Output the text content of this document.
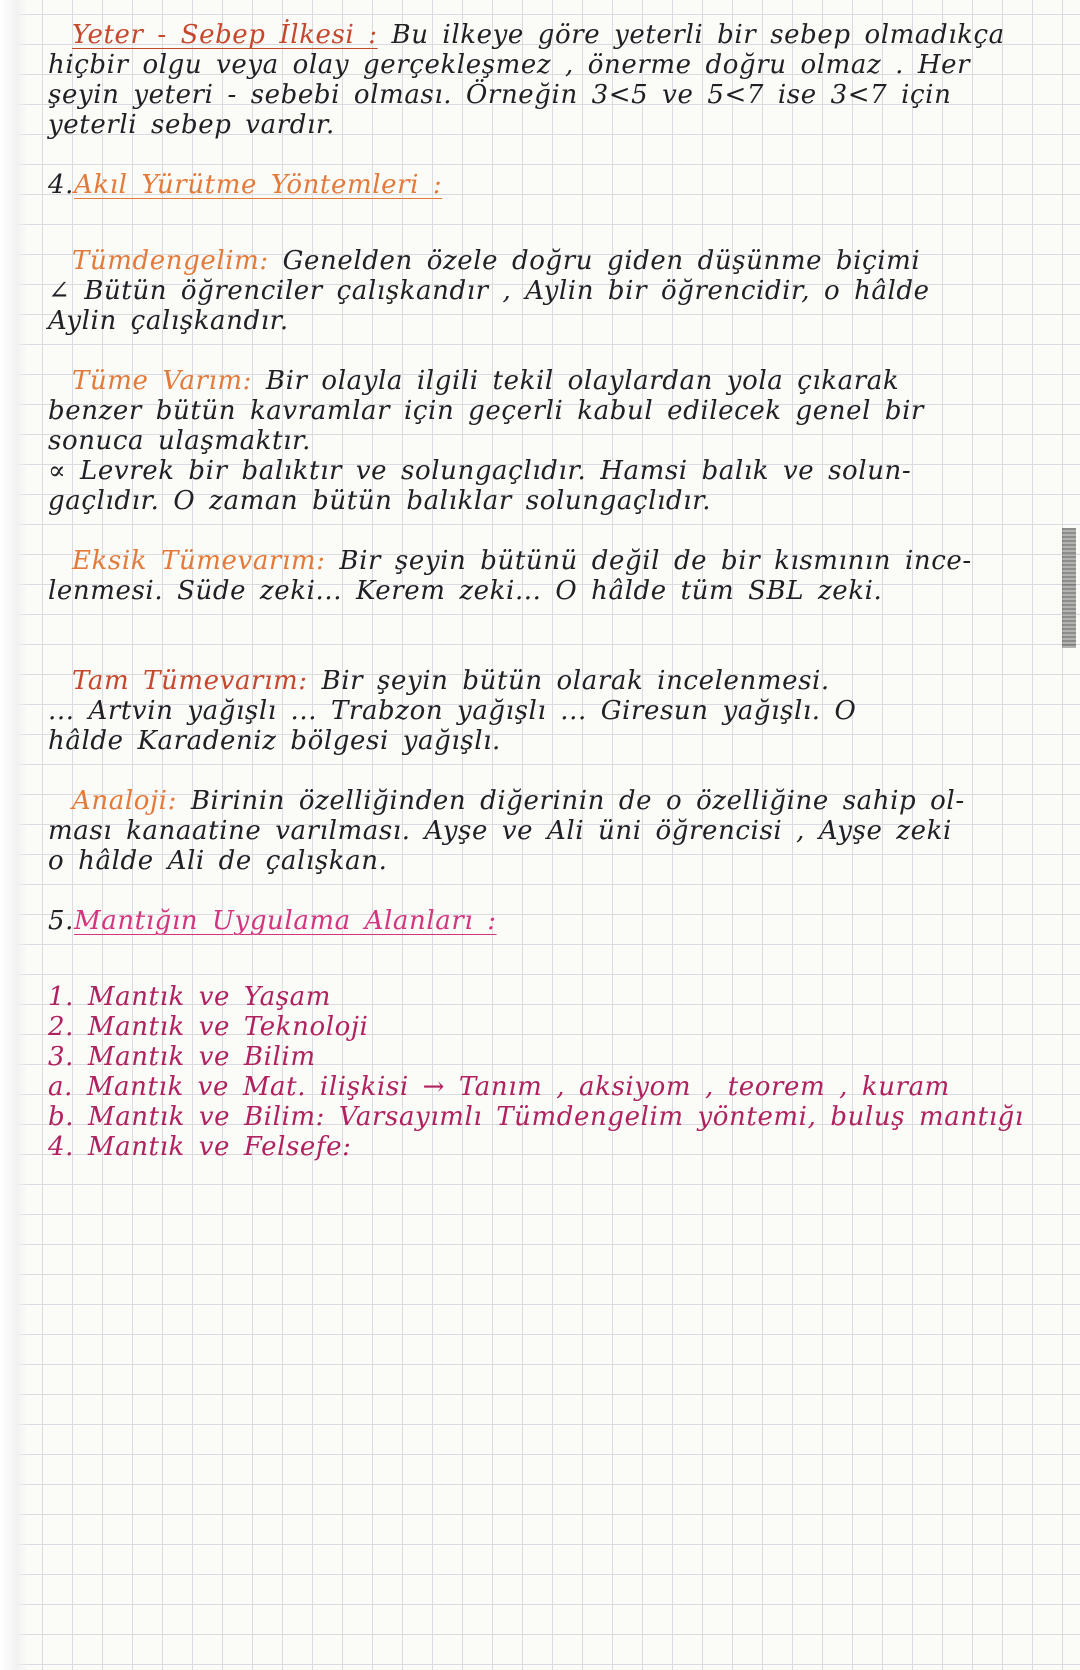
Yeter - Sebep İlkesi : Bu ilkeye göre yeterli bir sebep olmadıkça

hiçbir olgu veya olay gerçekleşmez , önerme doğru olmaz . Her

şeyin yeteri - sebebi olması. Örneğin 3<5 ve 5<7 ise 3<7 için

yeterli sebep vardır.

4.Akıl Yürütme Yöntemleri :

Tümdengelim: Genelden özele doğru giden düşünme biçimi

∠ Bütün öğrenciler çalışkandır , Aylin bir öğrencidir, o hâlde

Aylin çalışkandır.

Tüme Varım: Bir olayla ilgili tekil olaylardan yola çıkarak

benzer bütün kavramlar için geçerli kabul edilecek genel bir

sonuca ulaşmaktır.

∝ Levrek bir balıktır ve solungaçlıdır. Hamsi balık ve solun-

gaçlıdır. O zaman bütün balıklar solungaçlıdır.

Eksik Tümevarım: Bir şeyin bütünü değil de bir kısmının ince-

lenmesi. Süde zeki... Kerem zeki... O hâlde tüm SBL zeki.

Tam Tümevarım: Bir şeyin bütün olarak incelenmesi.

... Artvin yağışlı ... Trabzon yağışlı ... Giresun yağışlı. O

hâlde Karadeniz bölgesi yağışlı.

Analoji: Birinin özelliğinden diğerinin de o özelliğine sahip ol-

ması kanaatine varılması. Ayşe ve Ali üni öğrencisi , Ayşe zeki

o hâlde Ali de çalışkan.

5.Mantığın Uygulama Alanları :

1. Mantık ve Yaşam

2. Mantık ve Teknoloji

3. Mantık ve Bilim

a. Mantık ve Mat. ilişkisi → Tanım , aksiyom , teorem , kuram

b. Mantık ve Bilim: Varsayımlı Tümdengelim yöntemi, buluş mantığı

4. Mantık ve Felsefe:
